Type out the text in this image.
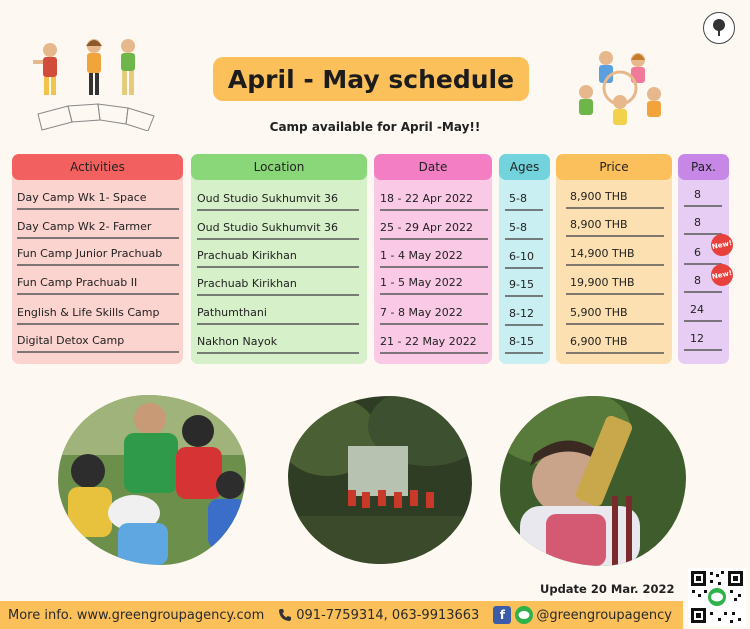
April - May schedule
Camp available for April -May!!
Activities
Day Camp Wk 1- Space
Day Camp Wk 2- Farmer
Fun Camp Junior Prachuab
Fun Camp Prachuab II
English & Life Skills Camp
Digital Detox Camp
Location
Oud Studio Sukhumvit 36
Oud Studio Sukhumvit 36
Prachuab Kirikhan
Prachuab Kirikhan
Pathumthani
Nakhon Nayok
Date
18 - 22 Apr 2022
25 - 29 Apr 2022
1 - 4 May 2022
1 - 5 May 2022
7 - 8 May 2022
21 - 22 May 2022
Ages
5-8
5-8
6-10
9-15
8-12
8-15
Price
8,900 THB
8,900 THB
14,900 THB
19,900 THB
5,900 THB
6,900 THB
Pax.
8
8
6
8
24
12
New!
New!
Update 20 Mar. 2022
More info. www.greengroupagency.com 091-7759314, 063-9913663	f	@greengroupagency
